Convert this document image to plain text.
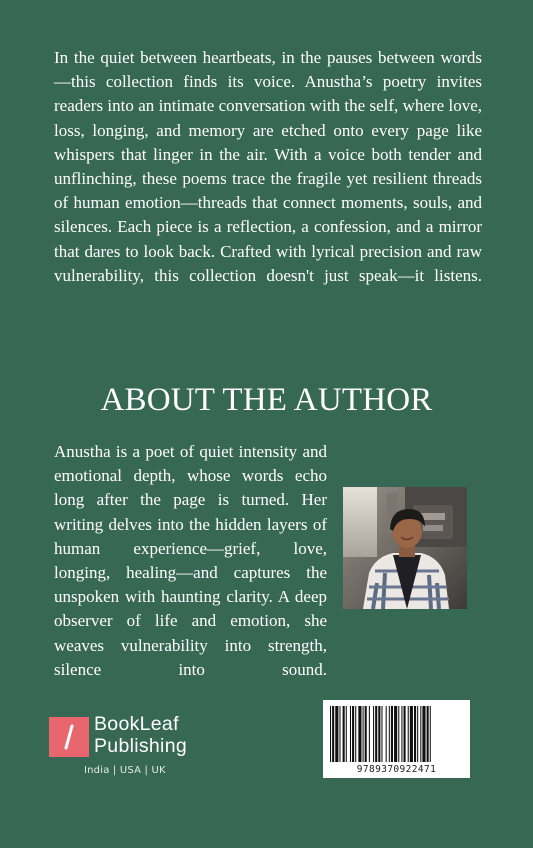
In the quiet between heartbeats, in the pauses between words—this collection finds its voice. Anustha’s poetry invites readers into an intimate conversation with the self, where love, loss, longing, and memory are etched onto every page like whispers that linger in the air. With a voice both tender and unflinching, these poems trace the fragile yet resilient threads of human emotion—threads that connect moments, souls, and silences. Each piece is a reflection, a confession, and a mirror that dares to look back. Crafted with lyrical precision and raw vulnerability, this collection doesn't just speak—it listens.

ABOUT THE AUTHOR

Anustha is a poet of quiet intensity and emotional depth, whose words echo long after the page is turned. Her writing delves into the hidden layers of human experience—grief, love, longing, healing—and captures the unspoken with haunting clarity. A deep observer of life and emotion, she weaves vulnerability into strength, silence into sound.

BookLeaf
Publishing
India | USA | UK	9789370922471
